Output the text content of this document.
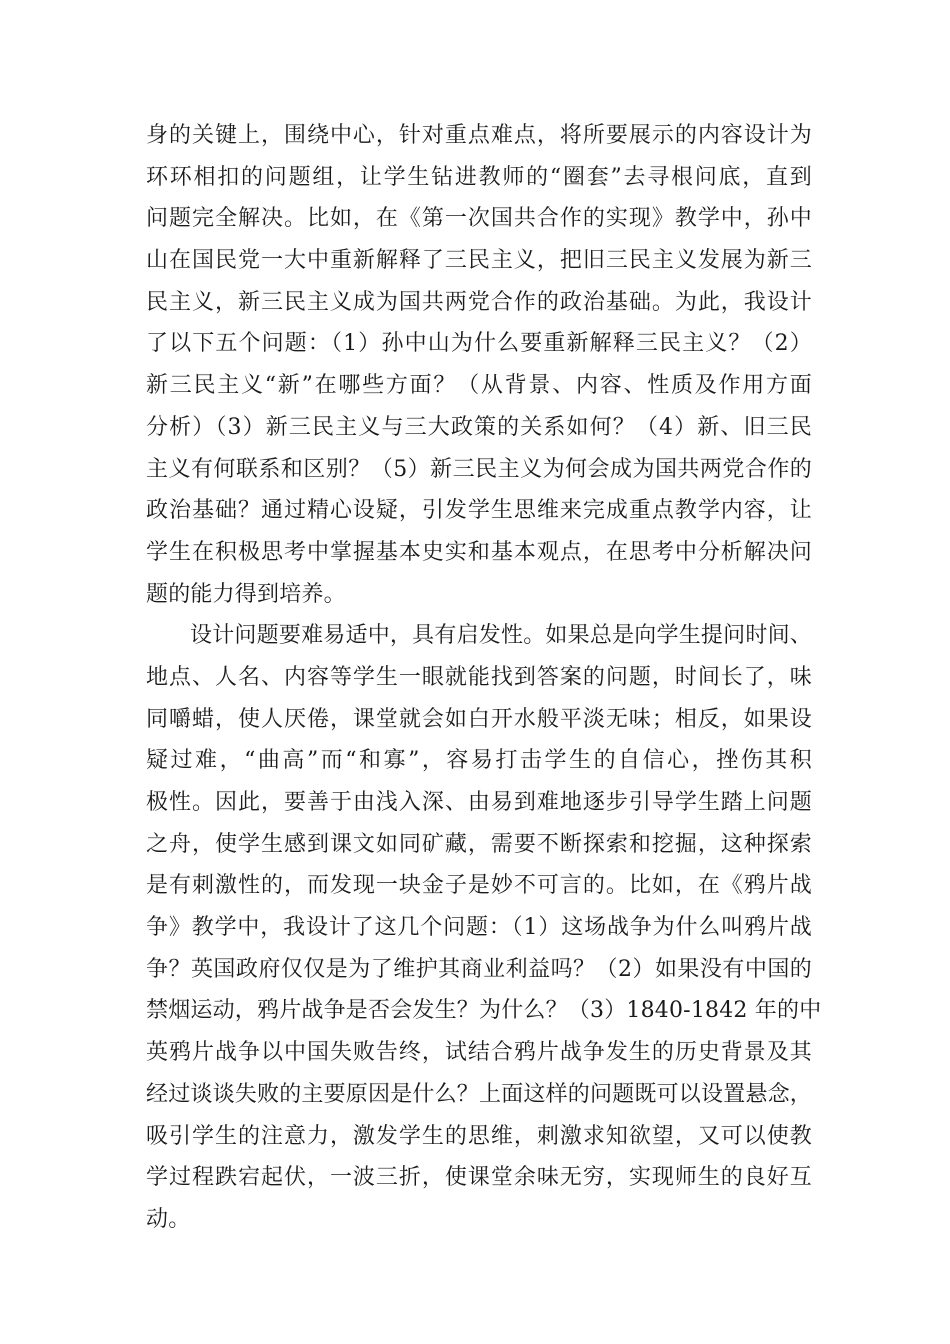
身的关键上，围绕中心，针对重点难点，将所要展示的内容设计为
环环相扣的问题组，让学生钻进教师的“圈套”去寻根问底，直到
问题完全解决。比如，在《第一次国共合作的实现》教学中，孙中
山在国民党一大中重新解释了三民主义，把旧三民主义发展为新三
民主义，新三民主义成为国共两党合作的政治基础。为此，我设计
了以下五个问题：（1）孙中山为什么要重新解释三民主义？（2）
新三民主义“新”在哪些方面？（从背景、内容、性质及作用方面
分析）（3）新三民主义与三大政策的关系如何？（4）新、旧三民
主义有何联系和区别？（5）新三民主义为何会成为国共两党合作的
政治基础？通过精心设疑，引发学生思维来完成重点教学内容，让
学生在积极思考中掌握基本史实和基本观点，在思考中分析解决问
题的能力得到培养。
设计问题要难易适中，具有启发性。如果总是向学生提问时间、
地点、人名、内容等学生一眼就能找到答案的问题，时间长了，味
同嚼蜡，使人厌倦，课堂就会如白开水般平淡无味；相反，如果设
疑过难，“曲高”而“和寡”，容易打击学生的自信心，挫伤其积
极性。因此，要善于由浅入深、由易到难地逐步引导学生踏上问题
之舟，使学生感到课文如同矿藏，需要不断探索和挖掘，这种探索
是有刺激性的，而发现一块金子是妙不可言的。比如，在《鸦片战
争》教学中，我设计了这几个问题：（1）这场战争为什么叫鸦片战
争？英国政府仅仅是为了维护其商业利益吗？（2）如果没有中国的
禁烟运动，鸦片战争是否会发生？为什么？（3）1840-1842 年的中
英鸦片战争以中国失败告终，试结合鸦片战争发生的历史背景及其
经过谈谈失败的主要原因是什么？上面这样的问题既可以设置悬念，
吸引学生的注意力，激发学生的思维，刺激求知欲望，又可以使教
学过程跌宕起伏，一波三折，使课堂余味无穷，实现师生的良好互
动。
